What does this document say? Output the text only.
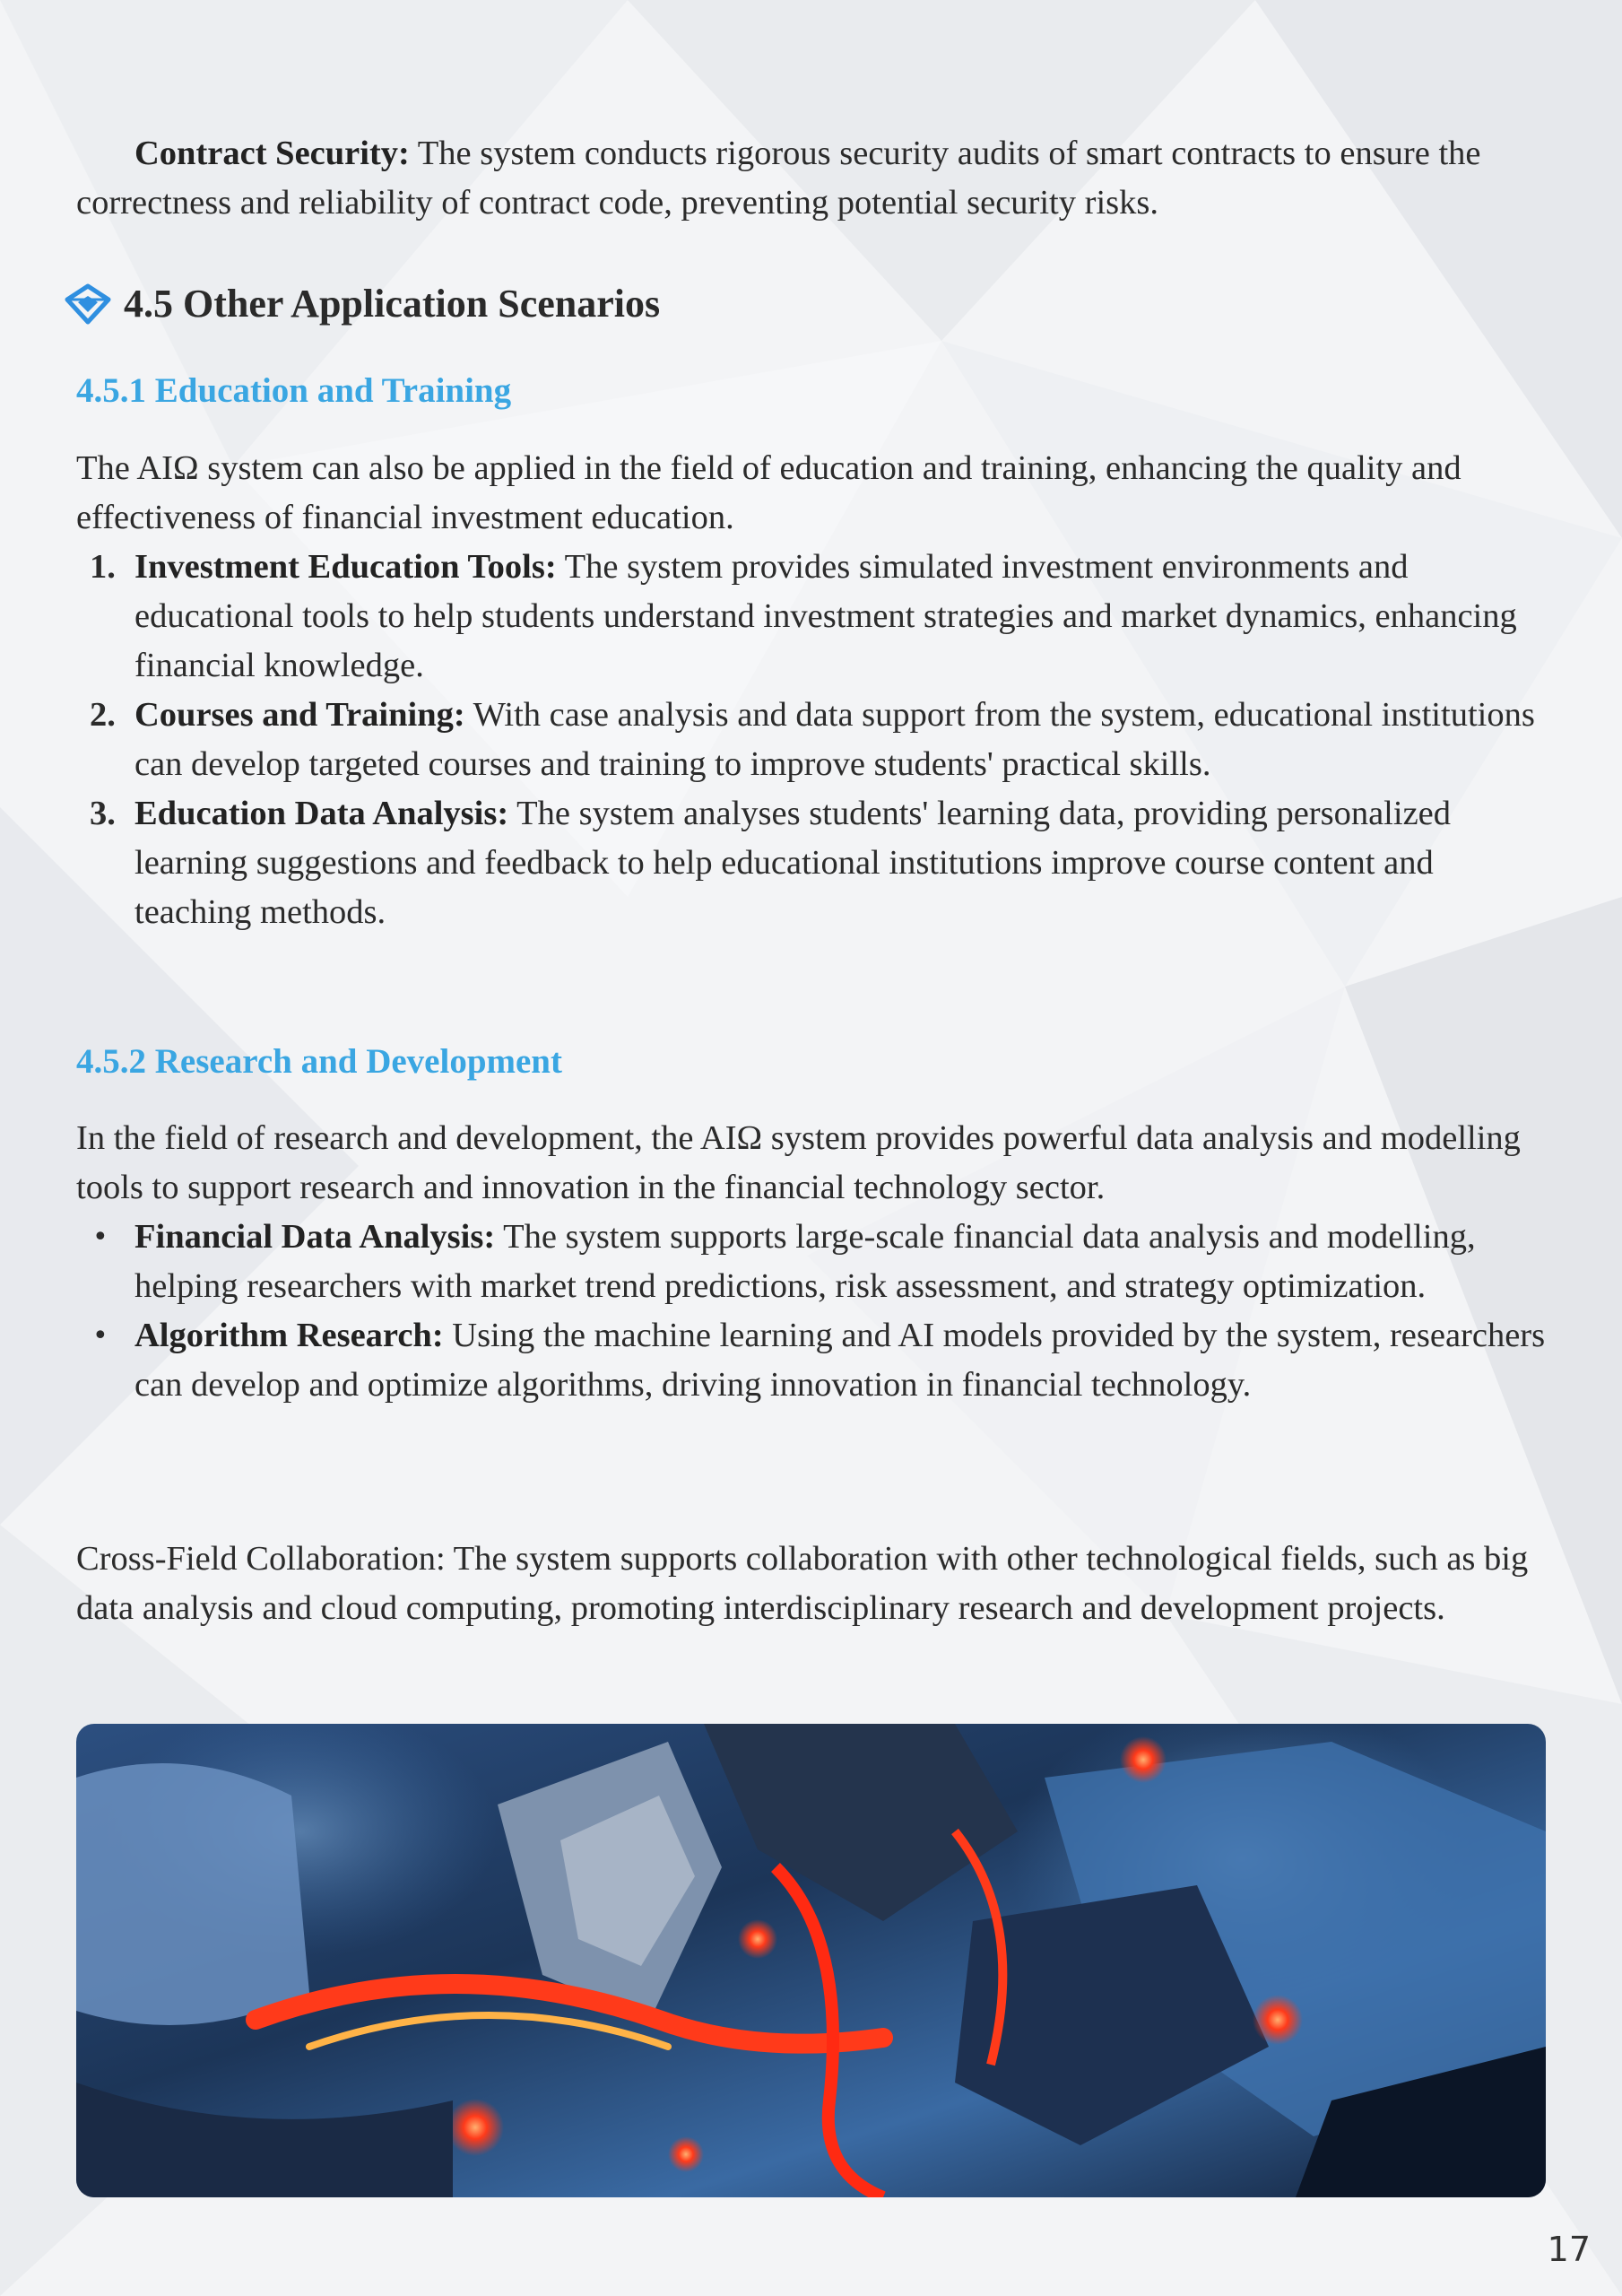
Contract Security: The system conducts rigorous security audits of smart contracts to ensure the correctness and reliability of contract code, preventing potential security risks.

4.5 Other Application Scenarios
4.5.1 Education and Training

The AIΩ system can also be applied in the field of education and training, enhancing the quality and effectiveness of financial investment education.

1. Investment Education Tools: The system provides simulated investment environments and educational tools to help students understand investment strategies and market dynamics, enhancing financial knowledge.
2. Courses and Training: With case analysis and data support from the system, educational institutions can develop targeted courses and training to improve students' practical skills.
3. Education Data Analysis: The system analyses students' learning data, providing personalized learning suggestions and feedback to help educational institutions improve course content and teaching methods.
4.5.2 Research and Development

In the field of research and development, the AIΩ system provides powerful data analysis and modelling tools to support research and innovation in the financial technology sector.

• Financial Data Analysis: The system supports large-scale financial data analysis and modelling, helping researchers with market trend predictions, risk assessment, and strategy optimization.
• Algorithm Research: Using the machine learning and AI models provided by the system, researchers can develop and optimize algorithms, driving innovation in financial technology.

Cross-Field Collaboration: The system supports collaboration with other technological fields, such as big data analysis and cloud computing, promoting interdisciplinary research and development projects.

17
